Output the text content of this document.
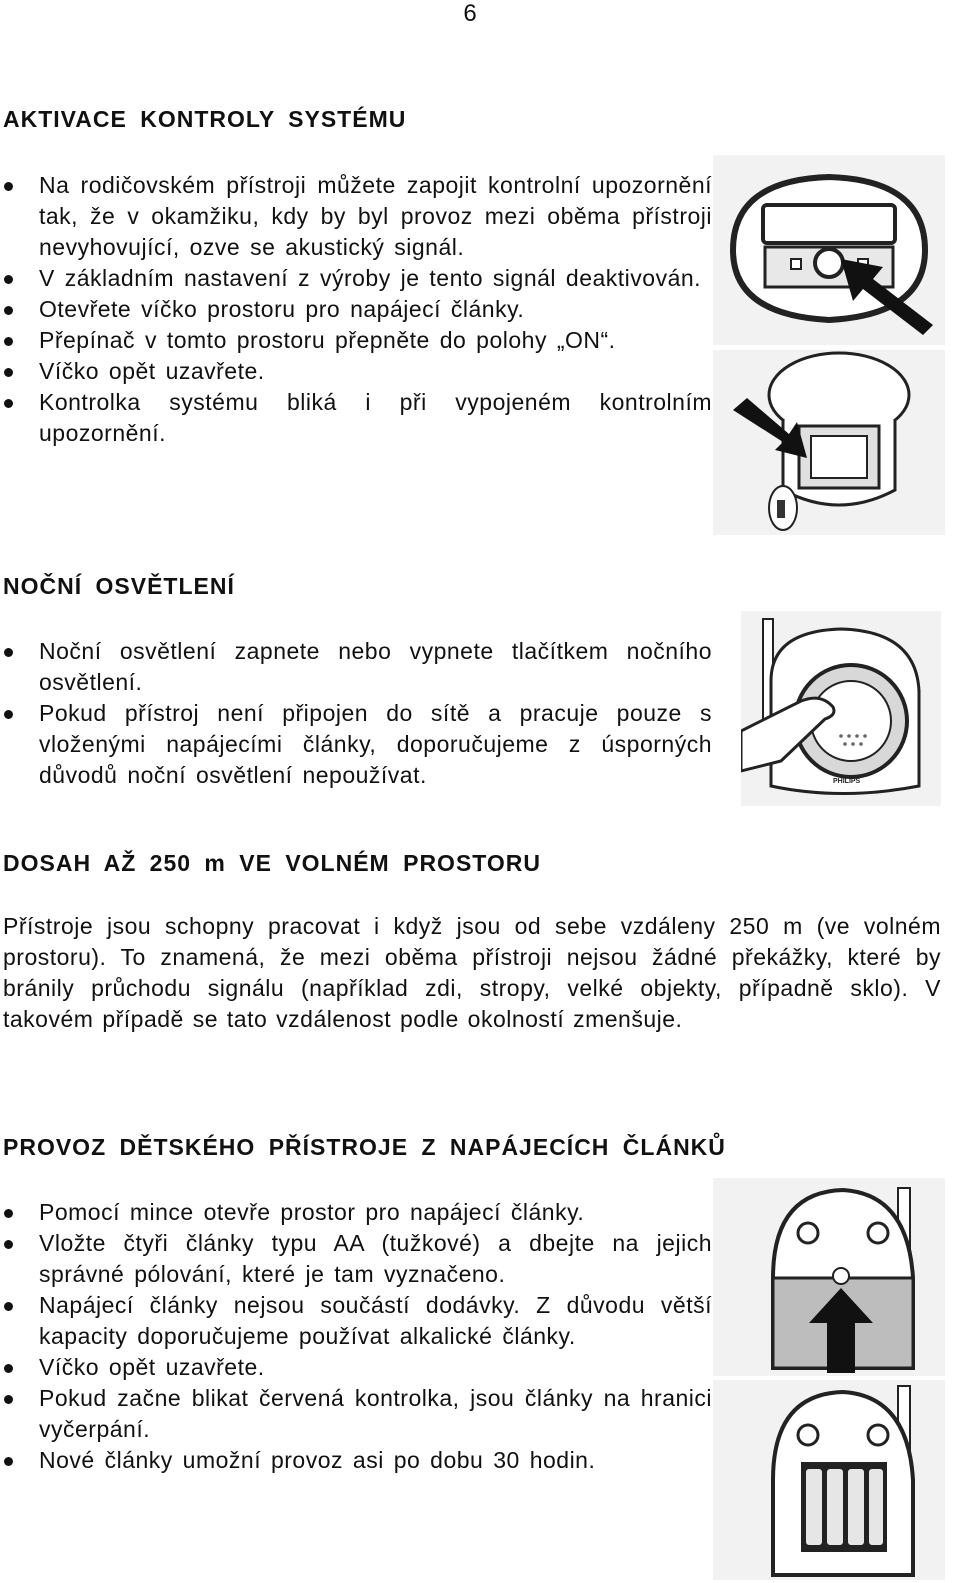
6
AKTIVACE KONTROLY SYSTÉMU
Na rodičovském přístroji můžete zapojit kontrolní upozornění tak, že v okamžiku, kdy by byl provoz mezi oběma přístroji nevyhovující, ozve se akustický signál.
V základním nastavení z výroby je tento signál deaktivován.
Otevřete víčko prostoru pro napájecí články.
Přepínač v tomto prostoru přepněte do polohy „ON“.
Víčko opět uzavřete.
Kontrolka systému bliká i při vypojeném kontrolním upozornění.
NOČNÍ OSVĚTLENÍ
Noční osvětlení zapnete nebo vypnete tlačítkem nočního osvětlení.
Pokud přístroj není připojen do sítě a pracuje pouze s vloženými napájecími články, doporučujeme z úsporných důvodů noční osvětlení nepoužívat.	PHILIPS
DOSAH AŽ 250 m VE VOLNÉM PROSTORU

Přístroje jsou schopny pracovat i když jsou od sebe vzdáleny 250 m (ve volném prostoru). To znamená, že mezi oběma přístroji nejsou žádné překážky, které by bránily průchodu signálu (například zdi, stropy, velké objekty, případně sklo). V takovém případě se tato vzdálenost podle okolností zmenšuje.

PROVOZ DĚTSKÉHO PŘÍSTROJE Z NAPÁJECÍCH ČLÁNKŮ
Pomocí mince otevře prostor pro napájecí články.
Vložte čtyři články typu AA (tužkové) a dbejte na jejich správné pólování, které je tam vyznačeno.
Napájecí články nejsou součástí dodávky. Z důvodu větší kapacity doporučujeme používat alkalické články.
Víčko opět uzavřete.
Pokud začne blikat červená kontrolka, jsou články na hranici vyčerpání.
Nové články umožní provoz asi po dobu 30 hodin.
